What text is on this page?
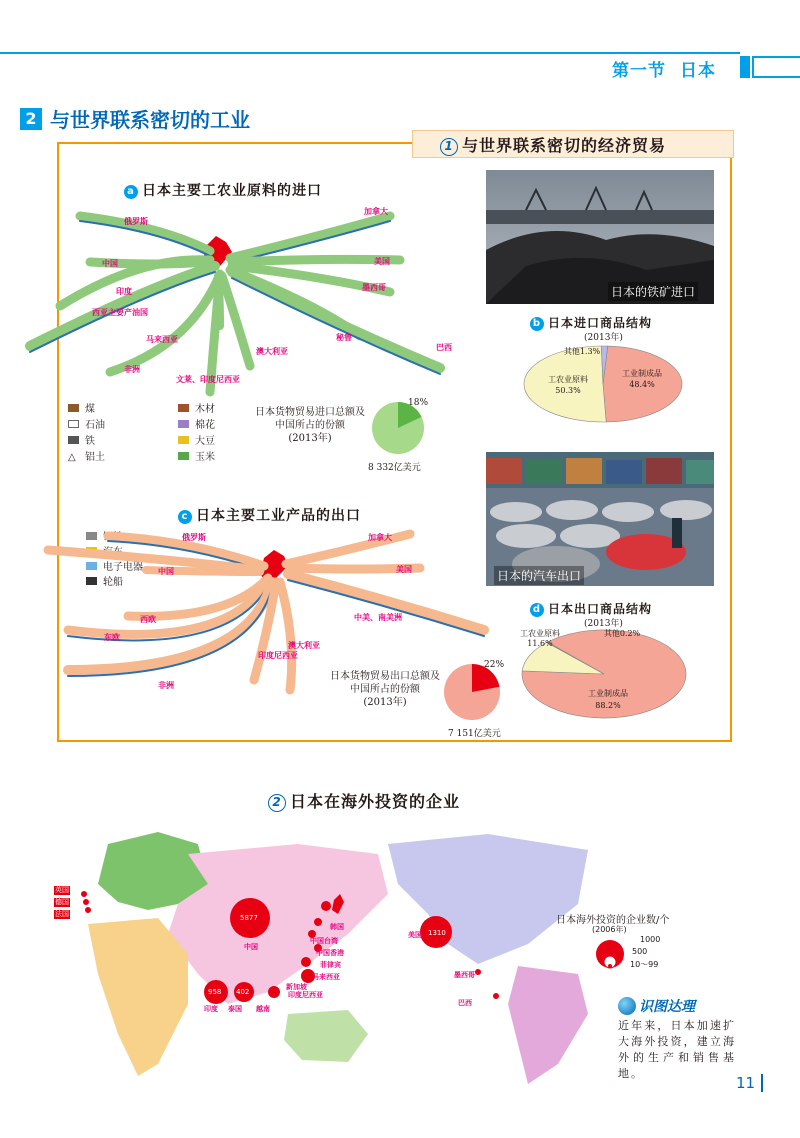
第一节 日本
2 与世界联系密切的工业
1 与世界联系密切的经济贸易
a 日本主要工农业原料的进口
俄罗斯
加拿大
中国	美国
印度	墨西哥
西亚主要产油国
马来西亚
澳大利亚
秘鲁
巴西
非洲
文莱、印度尼西亚
煤
石油
铁
△ 铝土
木材
棉花
大豆
玉米
日本货物贸易进口总额及
中国所占的份额
(2013年)
18%
8 332亿美元
c 日本主要工业产品的出口
钢铁
汽车
电子电器
轮船
俄罗斯	加拿大
中国	美国
西欧	中美、南美洲
东欧
非洲
印度尼西亚
澳大利亚
日本货物贸易出口总额及
中国所占的份额
(2013年)
22%
7 151亿美元
日本的铁矿进口
日本的汽车出口
b 日本进口商品结构
(2013年)
工业制成品
48.4%
工农业原料
50.3%
其他1.3%
d 日本出口商品结构
(2013年)
工业制成品
88.2%
工农业原料
11.6%
其他0.2%
2 日本在海外投资的企业
英国
德国
法国
中国
韩国
中国台湾
中国香港
菲律宾
马来西亚
新加坡
印度尼西亚
印度 泰国 越南
美国
墨西哥
巴西
5877
1310
958 402
日本海外投资的企业数/个
(2006年)
1000
500
10～99
识图达理
近年来，日本加速扩大海外投资，建立海外的生产和销售基地。
11
